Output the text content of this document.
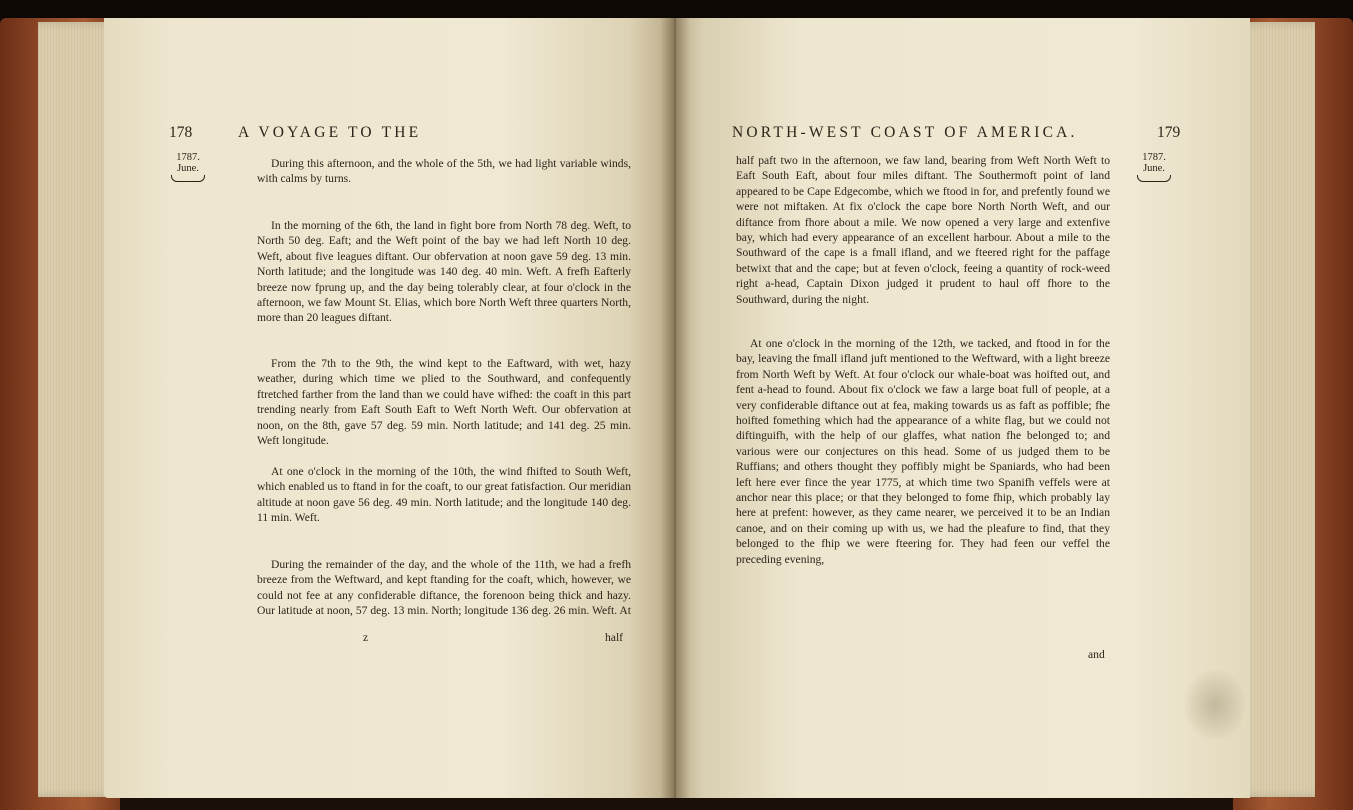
178	A VOYAGE TO THE
1787.
June.	During this afternoon, and the whole of the 5th, we had light variable winds, with calms by turns.
In the morning of the 6th, the land in fight bore from North 78 deg. Weft, to North 50 deg. Eaft; and the Weft point of the bay we had left North 10 deg. Weft, about five leagues diftant. Our obfervation at noon gave 59 deg. 13 min. North latitude; and the longitude was 140 deg. 40 min. Weft. A frefh Eafterly breeze now fprung up, and the day being tolerably clear, at four o'clock in the afternoon, we faw Mount St. Elias, which bore North Weft three quarters North, more than 20 leagues diftant.
From the 7th to the 9th, the wind kept to the Eaftward, with wet, hazy weather, during which time we plied to the Southward, and confequently ftretched farther from the land than we could have wifhed: the coaft in this part trending nearly from Eaft South Eaft to Weft North Weft. Our obfervation at noon, on the 8th, gave 57 deg. 59 min. North latitude; and 141 deg. 25 min. Weft longitude.
At one o'clock in the morning of the 10th, the wind fhifted to South Weft, which enabled us to ftand in for the coaft, to our great fatisfaction. Our meridian altitude at noon gave 56 deg. 49 min. North latitude; and the longitude 140 deg. 11 min. Weft.
During the remainder of the day, and the whole of the 11th, we had a frefh breeze from the Weftward, and kept ftanding for the coaft, which, however, we could not fee at any confiderable diftance, the forenoon being thick and hazy. Our latitude at noon, 57 deg. 13 min. North; longitude 136 deg. 26 min. Weft. At
z	half
NORTH-WEST COAST OF AMERICA.	179
1787.
June.
half paft two in the afternoon, we faw land, bearing from Weft North Weft to Eaft South Eaft, about four miles diftant. The Southermoft point of land appeared to be Cape Edgecombe, which we ftood in for, and prefently found we were not miftaken. At fix o'clock the cape bore North North Weft, and our diftance from fhore about a mile. We now opened a very large and extenfive bay, which had every appearance of an excellent harbour. About a mile to the Southward of the cape is a fmall ifland, and we fteered right for the paffage betwixt that and the cape; but at feven o'clock, feeing a quantity of rock-weed right a-head, Captain Dixon judged it prudent to haul off fhore to the Southward, during the night.
At one o'clock in the morning of the 12th, we tacked, and ftood in for the bay, leaving the fmall ifland juft mentioned to the Weftward, with a light breeze from North Weft by Weft. At four o'clock our whale-boat was hoifted out, and fent a-head to found. About fix o'clock we faw a large boat full of people, at a very confiderable diftance out at fea, making towards us as faft as poffible; fhe hoifted fomething which had the appearance of a white flag, but we could not diftinguifh, with the help of our glaffes, what nation fhe belonged to; and various were our conjectures on this head. Some of us judged them to be Ruffians; and others thought they poffibly might be Spaniards, who had been left here ever fince the year 1775, at which time two Spanifh veffels were at anchor near this place; or that they belonged to fome fhip, which probably lay here at prefent: however, as they came nearer, we perceived it to be an Indian canoe, and on their coming up with us, we had the pleafure to find, that they belonged to the fhip we were fteering for. They had feen our veffel the preceding evening,
and
